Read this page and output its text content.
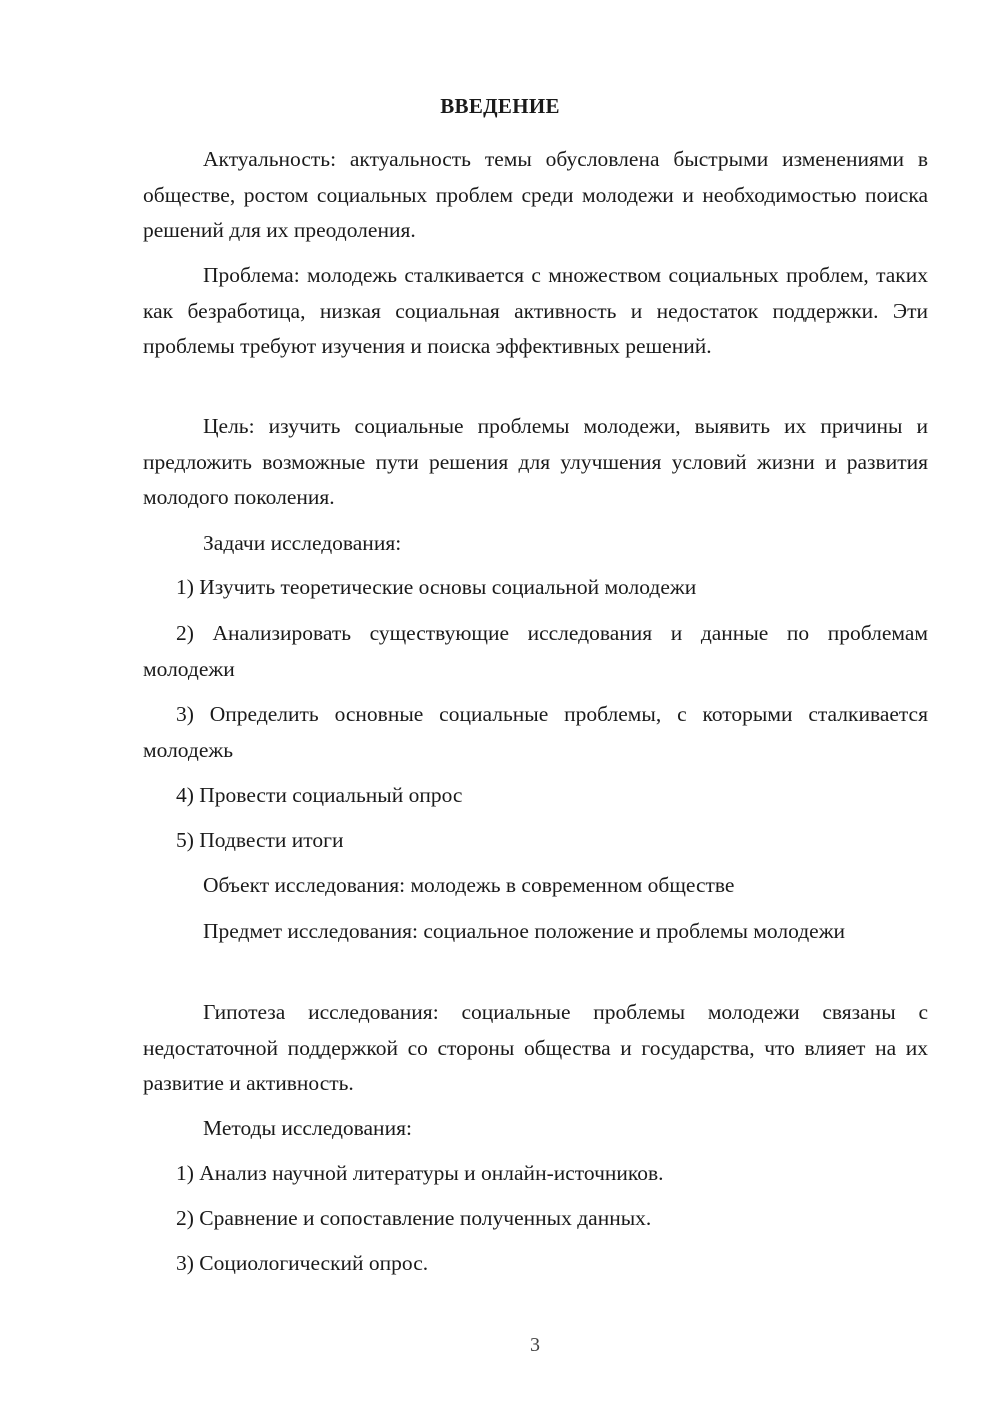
ВВЕДЕНИЕ

Актуальность: актуальность темы обусловлена быстрыми изменениями в обществе, ростом социальных проблем среди молодежи и необходимостью поиска решений для их преодоления.

Проблема: молодежь сталкивается с множеством социальных проблем, таких как безработица, низкая социальная активность и недостаток поддержки. Эти проблемы требуют изучения и поиска эффективных решений.

Цель: изучить социальные проблемы молодежи, выявить их причины и предложить возможные пути решения для улучшения условий жизни и развития молодого поколения.

Задачи исследования:

1) Изучить теоретические основы социальной молодежи

2) Анализировать существующие исследования и данные по проблемам молодежи

3) Определить основные социальные проблемы, с которыми сталкивается молодежь

4) Провести социальный опрос

5) Подвести итоги

Объект исследования: молодежь в современном обществе

Предмет исследования: социальное положение и проблемы молодежи

Гипотеза исследования: социальные проблемы молодежи связаны с недостаточной поддержкой со стороны общества и государства, что влияет на их развитие и активность.

Методы исследования:

1) Анализ научной литературы и онлайн-источников.

2) Сравнение и сопоставление полученных данных.

3) Социологический опрос.

3
